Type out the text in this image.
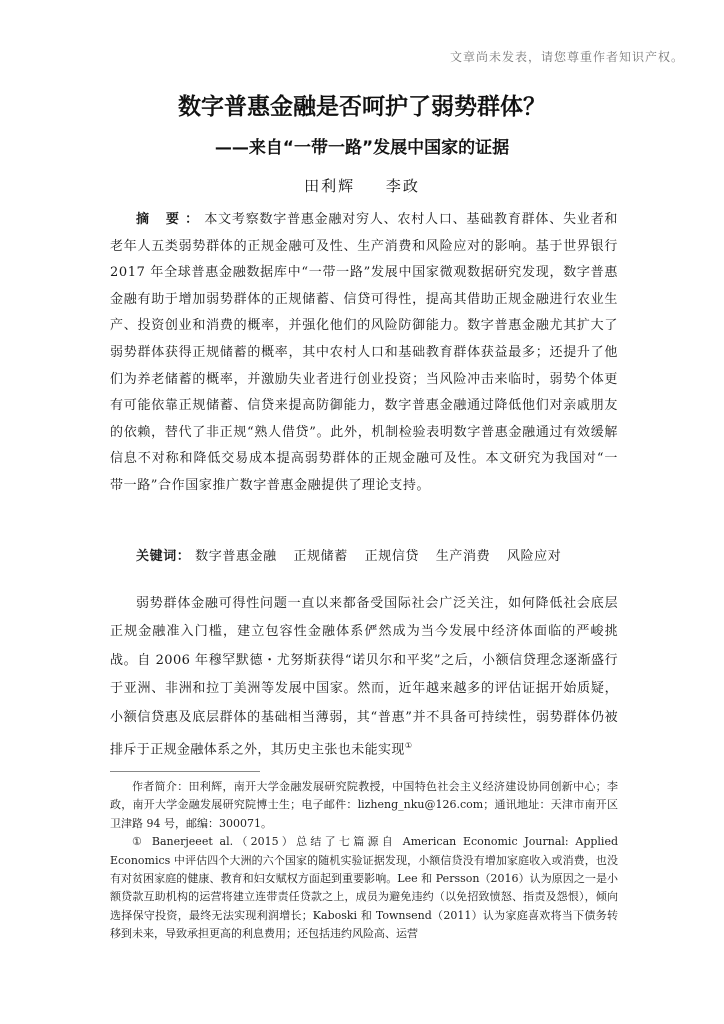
文章尚未发表，请您尊重作者知识产权。
数字普惠金融是否呵护了弱势群体？
——来自“一带一路”发展中国家的证据
田利辉 李政
摘 要：本文考察数字普惠金融对穷人、农村人口、基础教育群体、失业者和老年人五类弱势群体的正规金融可及性、生产消费和风险应对的影响。基于世界银行 2017 年全球普惠金融数据库中“一带一路”发展中国家微观数据研究发现，数字普惠金融有助于增加弱势群体的正规储蓄、信贷可得性，提高其借助正规金融进行农业生产、投资创业和消费的概率，并强化他们的风险防御能力。数字普惠金融尤其扩大了弱势群体获得正规储蓄的概率，其中农村人口和基础教育群体获益最多；还提升了他们为养老储蓄的概率，并激励失业者进行创业投资；当风险冲击来临时，弱势个体更有可能依靠正规储蓄、信贷来提高防御能力，数字普惠金融通过降低他们对亲戚朋友的依赖，替代了非正规“熟人借贷”。此外，机制检验表明数字普惠金融通过有效缓解信息不对称和降低交易成本提高弱势群体的正规金融可及性。本文研究为我国对“一带一路”合作国家推广数字普惠金融提供了理论支持。
关键词： 数字普惠金融 正规储蓄 正规信贷 生产消费 风险应对
弱势群体金融可得性问题一直以来都备受国际社会广泛关注，如何降低社会底层正规金融准入门槛，建立包容性金融体系俨然成为当今发展中经济体面临的严峻挑战。自 2006 年穆罕默德・尤努斯获得“诺贝尔和平奖”之后，小额信贷理念逐渐盛行于亚洲、非洲和拉丁美洲等发展中国家。然而，近年越来越多的评估证据开始质疑，小额信贷惠及底层群体的基础相当薄弱，其“普惠”并不具备可持续性，弱势群体仍被排斥于正规金融体系之外，其历史主张也未能实现①

作者简介：田利辉，南开大学金融发展研究院教授，中国特色社会主义经济建设协同创新中心；李政，南开大学金融发展研究院博士生；电子邮件：lizheng_nku@126.com；通讯地址：天津市南开区卫津路 94 号，邮编：300071。

① Banerjeeet al.（2015）总结了七篇源自 American Economic Journal: Applied Economics 中评估四个大洲的六个国家的随机实验证据发现，小额信贷没有增加家庭收入或消费，也没有对贫困家庭的健康、教育和妇女赋权方面起到重要影响。Lee 和 Persson（2016）认为原因之一是小额贷款互助机构的运营将建立连带责任贷款之上，成员为避免违约（以免招致愤怒、指责及怨恨），倾向选择保守投资，最终无法实现利润增长；Kaboski 和 Townsend（2011）认为家庭喜欢将当下债务转移到未来，导致承担更高的利息费用；还包括违约风险高、运营
